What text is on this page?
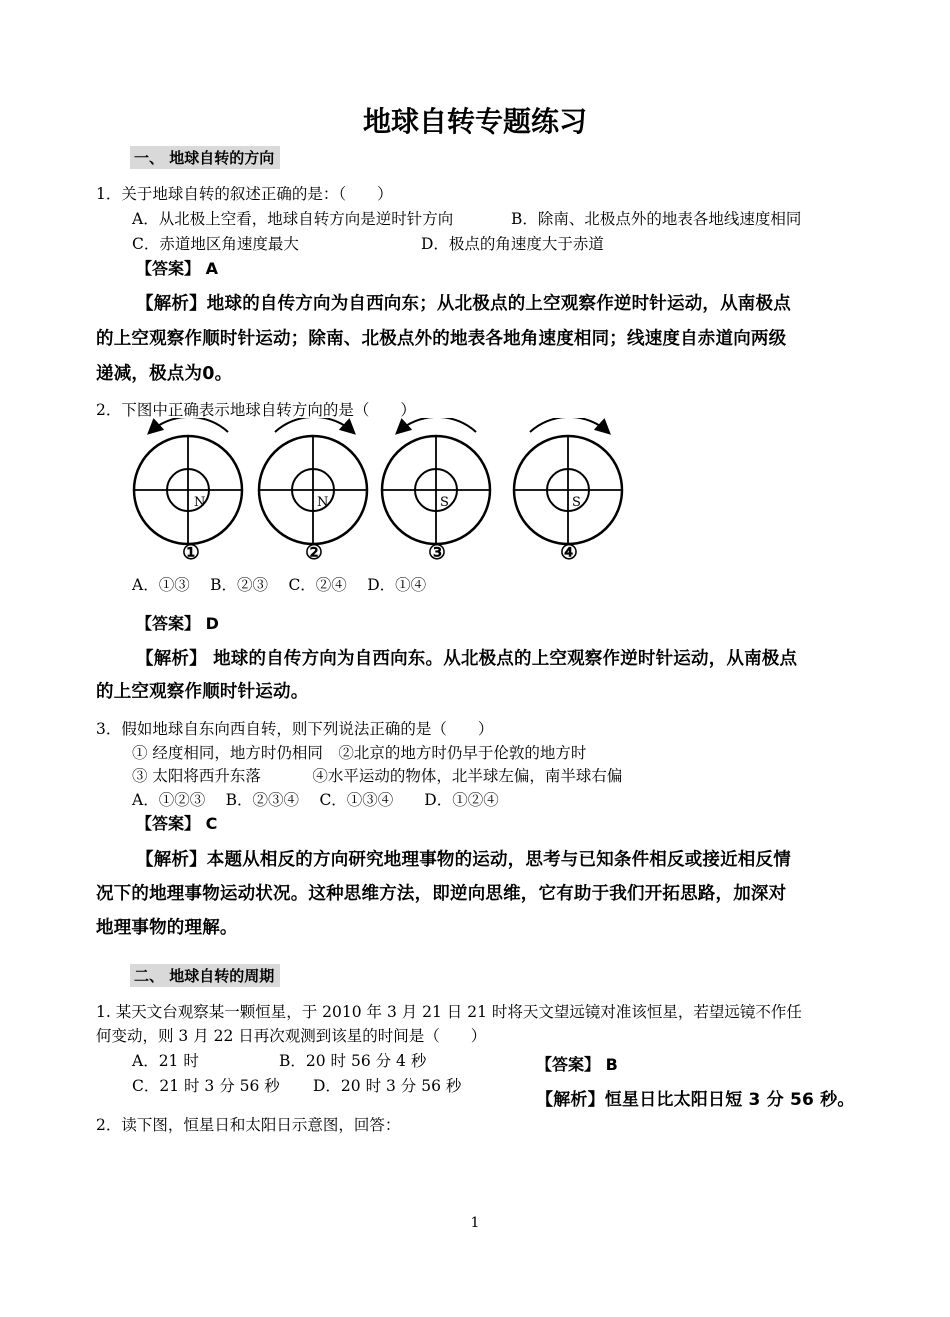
地球自转专题练习
一、 地球自转的方向
1．关于地球自转的叙述正确的是：（　　）
A．从北极上空看，地球自转方向是逆时针方向	B．除南、北极点外的地表各地线速度相同
C．赤道地区角速度最大	D．极点的角速度大于赤道
【答案】 A
【解析】地球的自传方向为自西向东；从北极点的上空观察作逆时针运动，从南极点
的上空观察作顺时针运动；除南、北极点外的地表各地角速度相同；线速度自赤道向两级
递减，极点为0。
2．下图中正确表示地球自转方向的是（　　）
N
①
N
②
S
③
S
④
A．①③　 B．②③　 C．②④　 D．①④
【答案】 D
【解析】 地球的自传方向为自西向东。从北极点的上空观察作逆时针运动，从南极点
的上空观察作顺时针运动。
3．假如地球自东向西自转，则下列说法正确的是（　　）
① 经度相同，地方时仍相同　②北京的地方时仍早于伦敦的地方时
③ 太阳将西升东落　　　 ④水平运动的物体，北半球左偏，南半球右偏
A．①②③　 B．②③④　 C．①③④　　D．①②④
【答案】 C
【解析】本题从相反的方向研究地理事物的运动，思考与已知条件相反或接近相反情
况下的地理事物运动状况。这种思维方法，即逆向思维，它有助于我们开拓思路，加深对
地理事物的理解。
二、 地球自转的周期
1. 某天文台观察某一颗恒星，于 2010 年 3 月 21 日 21 时将天文望远镜对准该恒星，若望远镜不作任
何变动，则 3 月 22 日再次观测到该星的时间是（　　）
A．21 时	B．20 时 56 分 4 秒
C．21 时 3 分 56 秒 D．20 时 3 分 56 秒
【答案】 B
【解析】恒星日比太阳日短 3 分 56 秒。
2．读下图，恒星日和太阳日示意图，回答：
1
